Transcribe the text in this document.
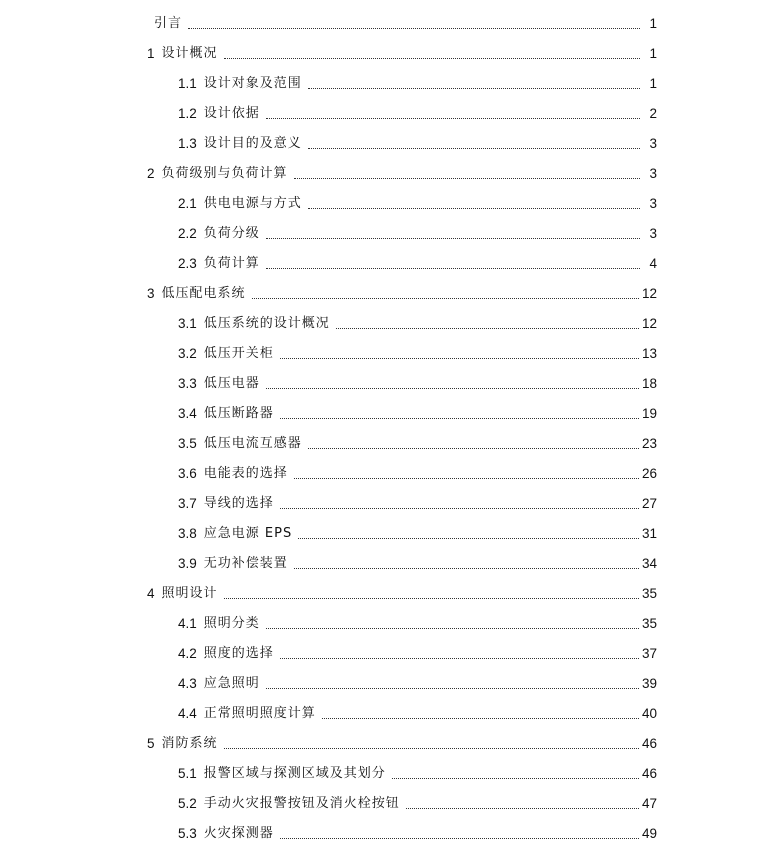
引言	1
1 设计概况	1
1.1 设计对象及范围	1
1.2 设计依据	2
1.3 设计目的及意义	3
2 负荷级别与负荷计算	3
2.1 供电电源与方式	3
2.2 负荷分级	3
2.3 负荷计算	4
3 低压配电系统	12
3.1 低压系统的设计概况	12
3.2 低压开关柜	13
3.3 低压电器	18
3.4 低压断路器	19
3.5 低压电流互感器	23
3.6 电能表的选择	26
3.7 导线的选择	27
3.8 应急电源 EPS	31
3.9 无功补偿装置	34
4 照明设计	35
4.1 照明分类	35
4.2 照度的选择	37
4.3 应急照明	39
4.4 正常照明照度计算	40
5 消防系统	46
5.1 报警区域与探测区域及其划分	46
5.2 手动火灾报警按钮及消火栓按钮	47
5.3 火灾探测器	49
